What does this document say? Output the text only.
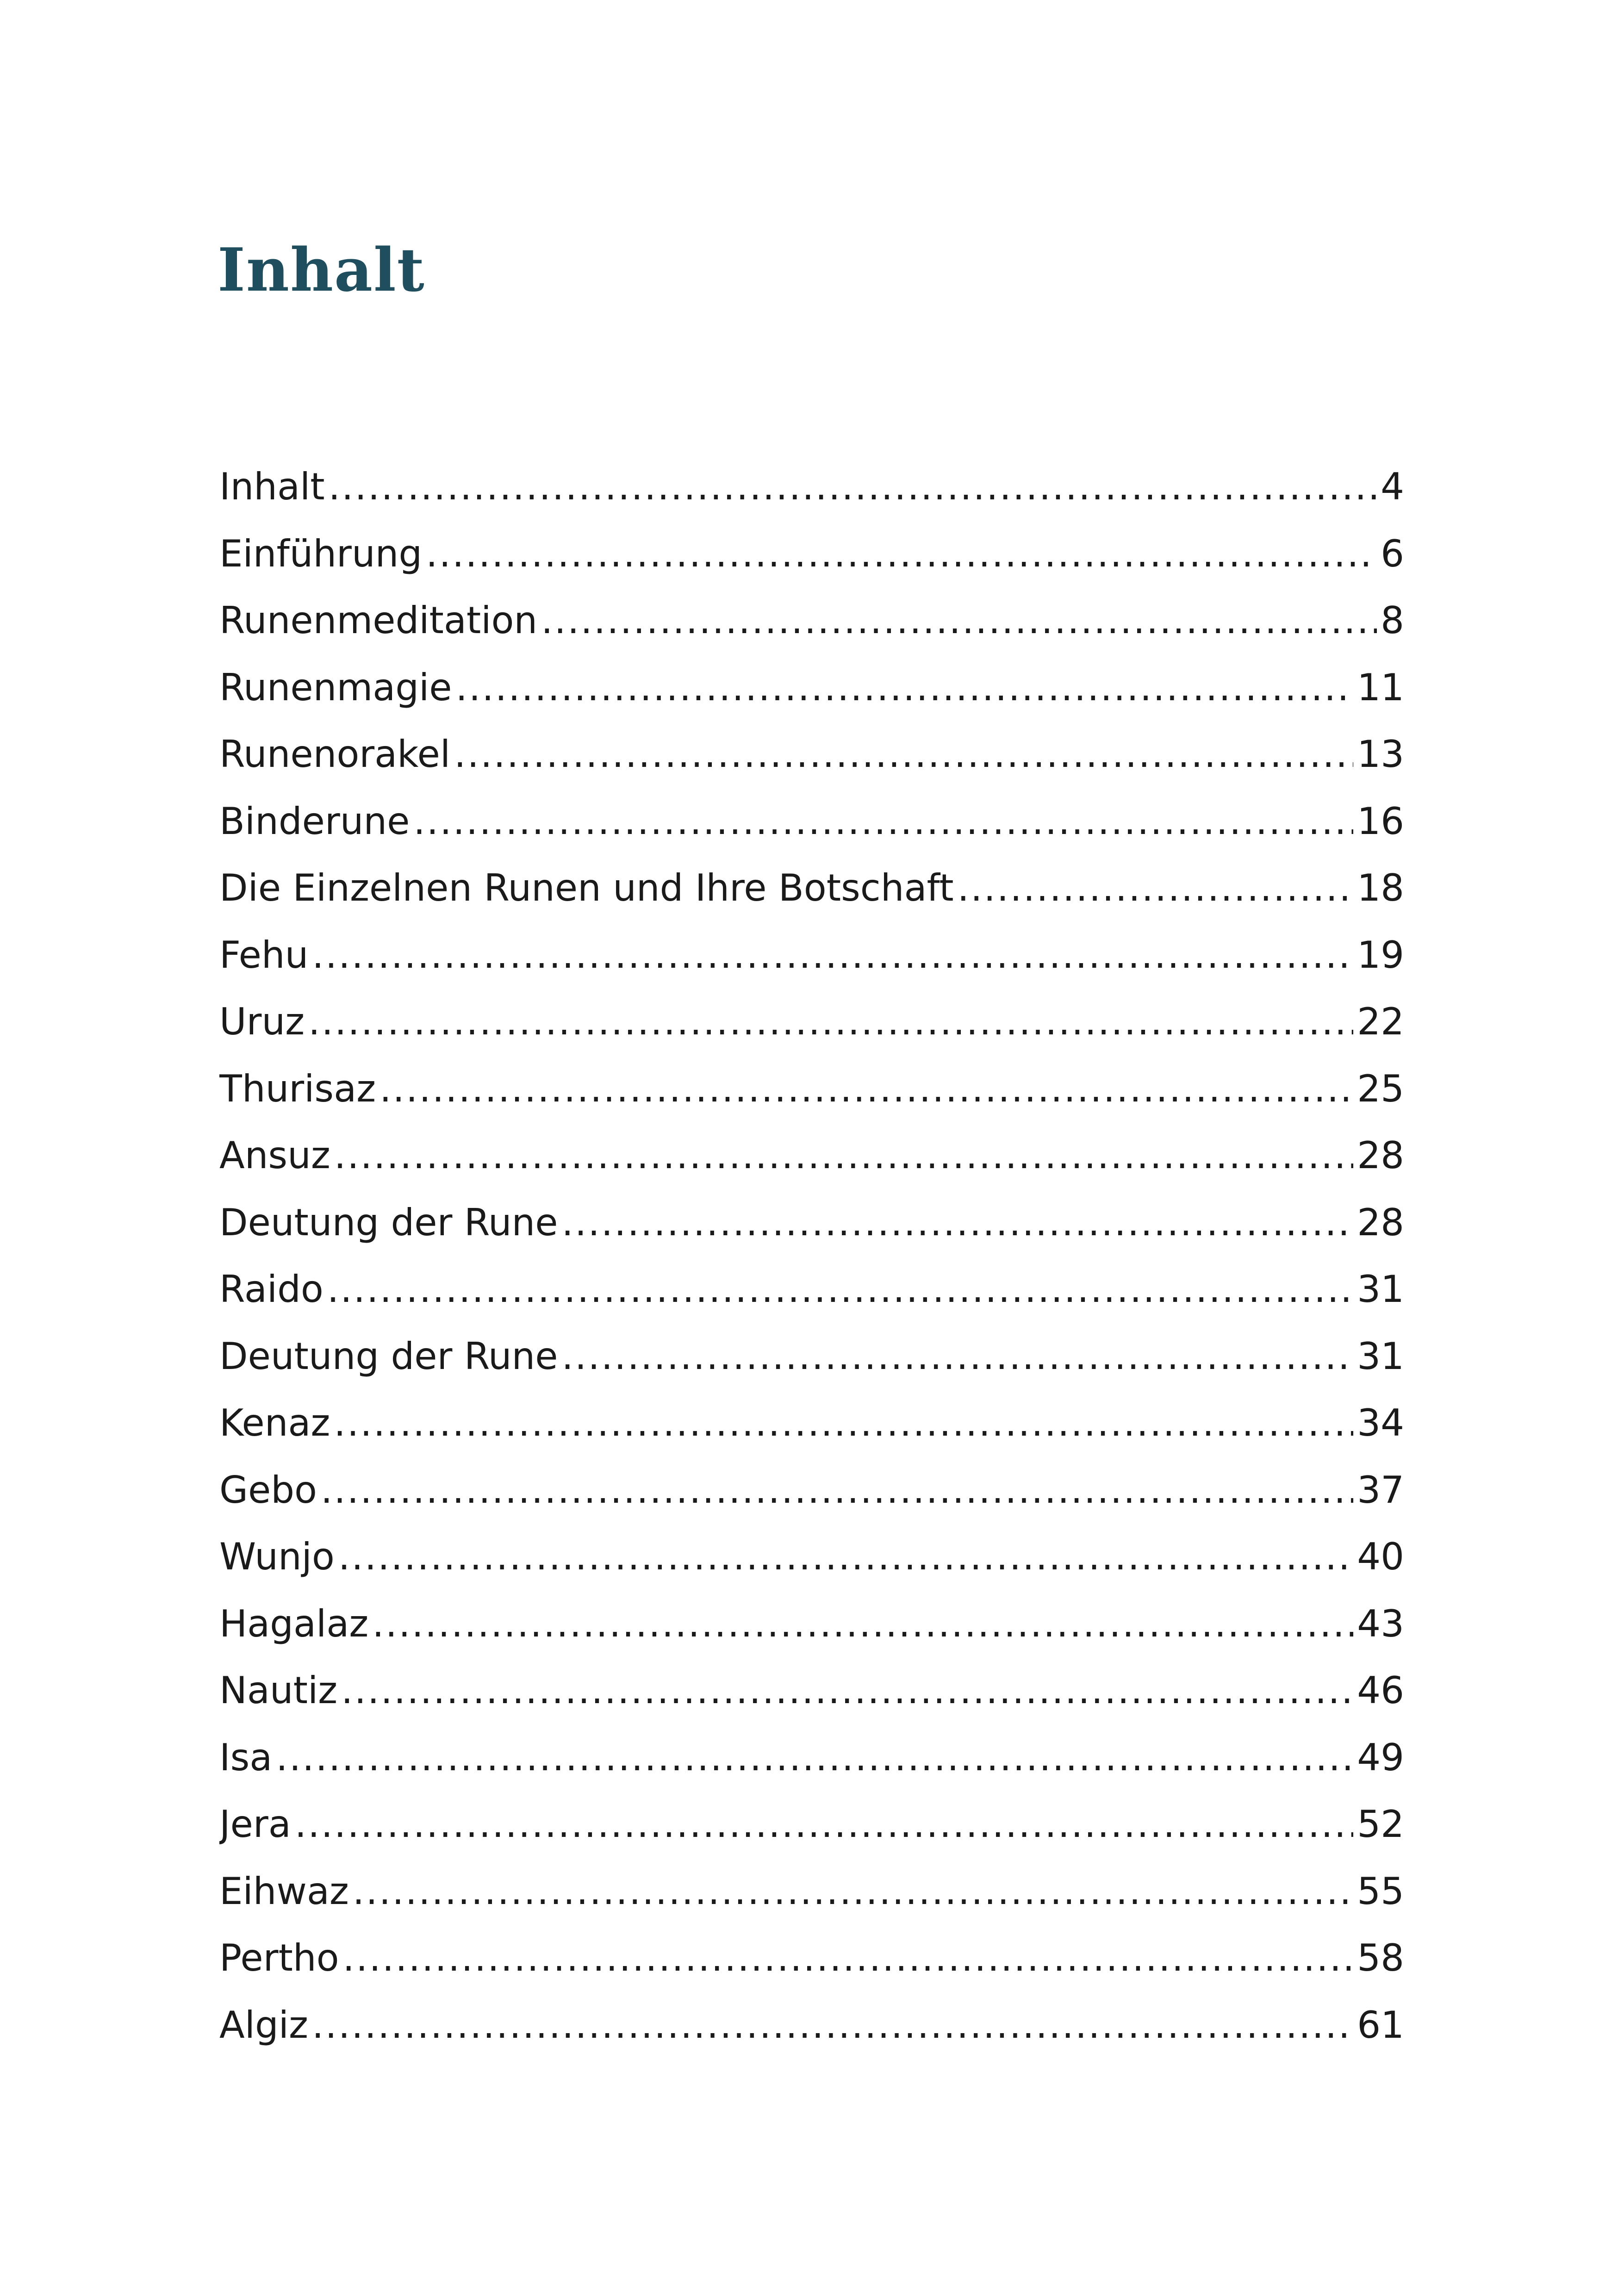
Inhalt
Inhalt .....	4
Einführung .....	6
Runenmeditation .....	8
Runenmagie .....	11
Runenorakel .....	13
Binderune .....	16
Die Einzelnen Runen und Ihre Botschaft .....	18
Fehu .....	19
Uruz .....	22
Thurisaz .....	25
Ansuz .....	28
Deutung der Rune .....	28
Raido .....	31
Deutung der Rune .....	31
Kenaz .....	34
Gebo .....	37
Wunjo .....	40
Hagalaz .....	43
Nautiz .....	46
Isa .....	49
Jera .....	52
Eihwaz .....	55
Pertho .....	58
Algiz .....	61
